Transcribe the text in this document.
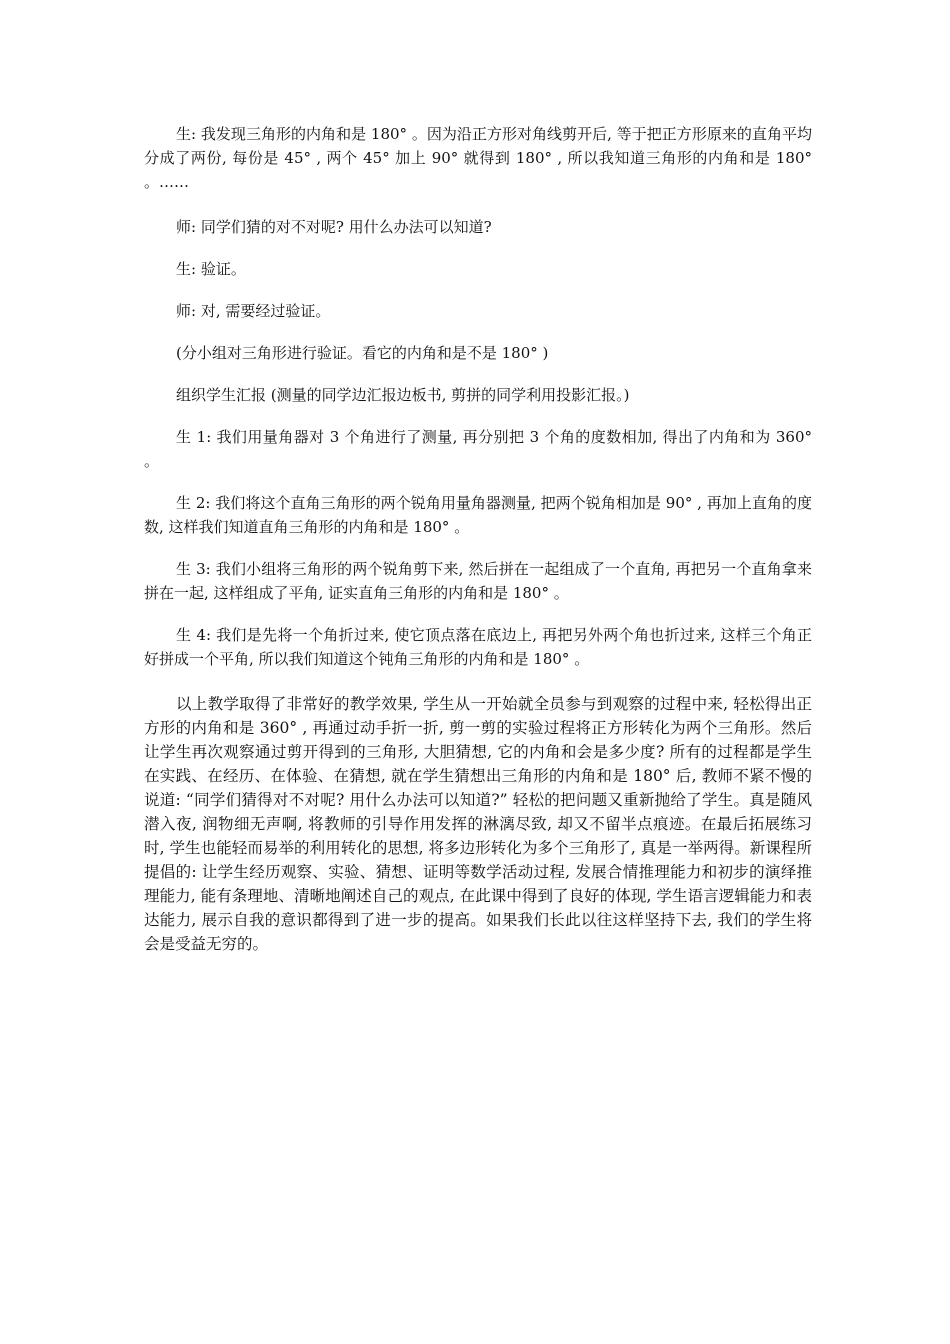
生: 我发现三角形的内角和是 180° 。因为沿正方形对角线剪开后, 等于把正方形原来的直角平均分成了两份, 每份是 45° , 两个 45° 加上 90° 就得到 180° , 所以我知道三角形的内角和是 180° 。……

师: 同学们猜的对不对呢? 用什么办法可以知道?

生: 验证。

师: 对, 需要经过验证。

(分小组对三角形进行验证。看它的内角和是不是 180° )

组织学生汇报 (测量的同学边汇报边板书, 剪拼的同学利用投影汇报。)

生 1: 我们用量角器对 3 个角进行了测量, 再分别把 3 个角的度数相加, 得出了内角和为 360° 。

生 2: 我们将这个直角三角形的两个锐角用量角器测量, 把两个锐角相加是 90° , 再加上直角的度数, 这样我们知道直角三角形的内角和是 180° 。

生 3: 我们小组将三角形的两个锐角剪下来, 然后拼在一起组成了一个直角, 再把另一个直角拿来拼在一起, 这样组成了平角, 证实直角三角形的内角和是 180° 。

生 4: 我们是先将一个角折过来, 使它顶点落在底边上, 再把另外两个角也折过来, 这样三个角正好拼成一个平角, 所以我们知道这个钝角三角形的内角和是 180° 。

以上教学取得了非常好的教学效果, 学生从一开始就全员参与到观察的过程中来, 轻松得出正方形的内角和是 360° , 再通过动手折一折, 剪一剪的实验过程将正方形转化为两个三角形。然后让学生再次观察通过剪开得到的三角形, 大胆猜想, 它的内角和会是多少度? 所有的过程都是学生在实践、在经历、在体验、在猜想, 就在学生猜想出三角形的内角和是 180° 后, 教师不紧不慢的说道: “同学们猜得对不对呢? 用什么办法可以知道?” 轻松的把问题又重新抛给了学生。真是随风潜入夜, 润物细无声啊, 将教师的引导作用发挥的淋漓尽致, 却又不留半点痕迹。在最后拓展练习时, 学生也能轻而易举的利用转化的思想, 将多边形转化为多个三角形了, 真是一举两得。新课程所提倡的: 让学生经历观察、实验、猜想、证明等数学活动过程, 发展合情推理能力和初步的演绎推理能力, 能有条理地、清晰地阐述自己的观点, 在此课中得到了良好的体现, 学生语言逻辑能力和表达能力, 展示自我的意识都得到了进一步的提高。如果我们长此以往这样坚持下去, 我们的学生将会是受益无穷的。
